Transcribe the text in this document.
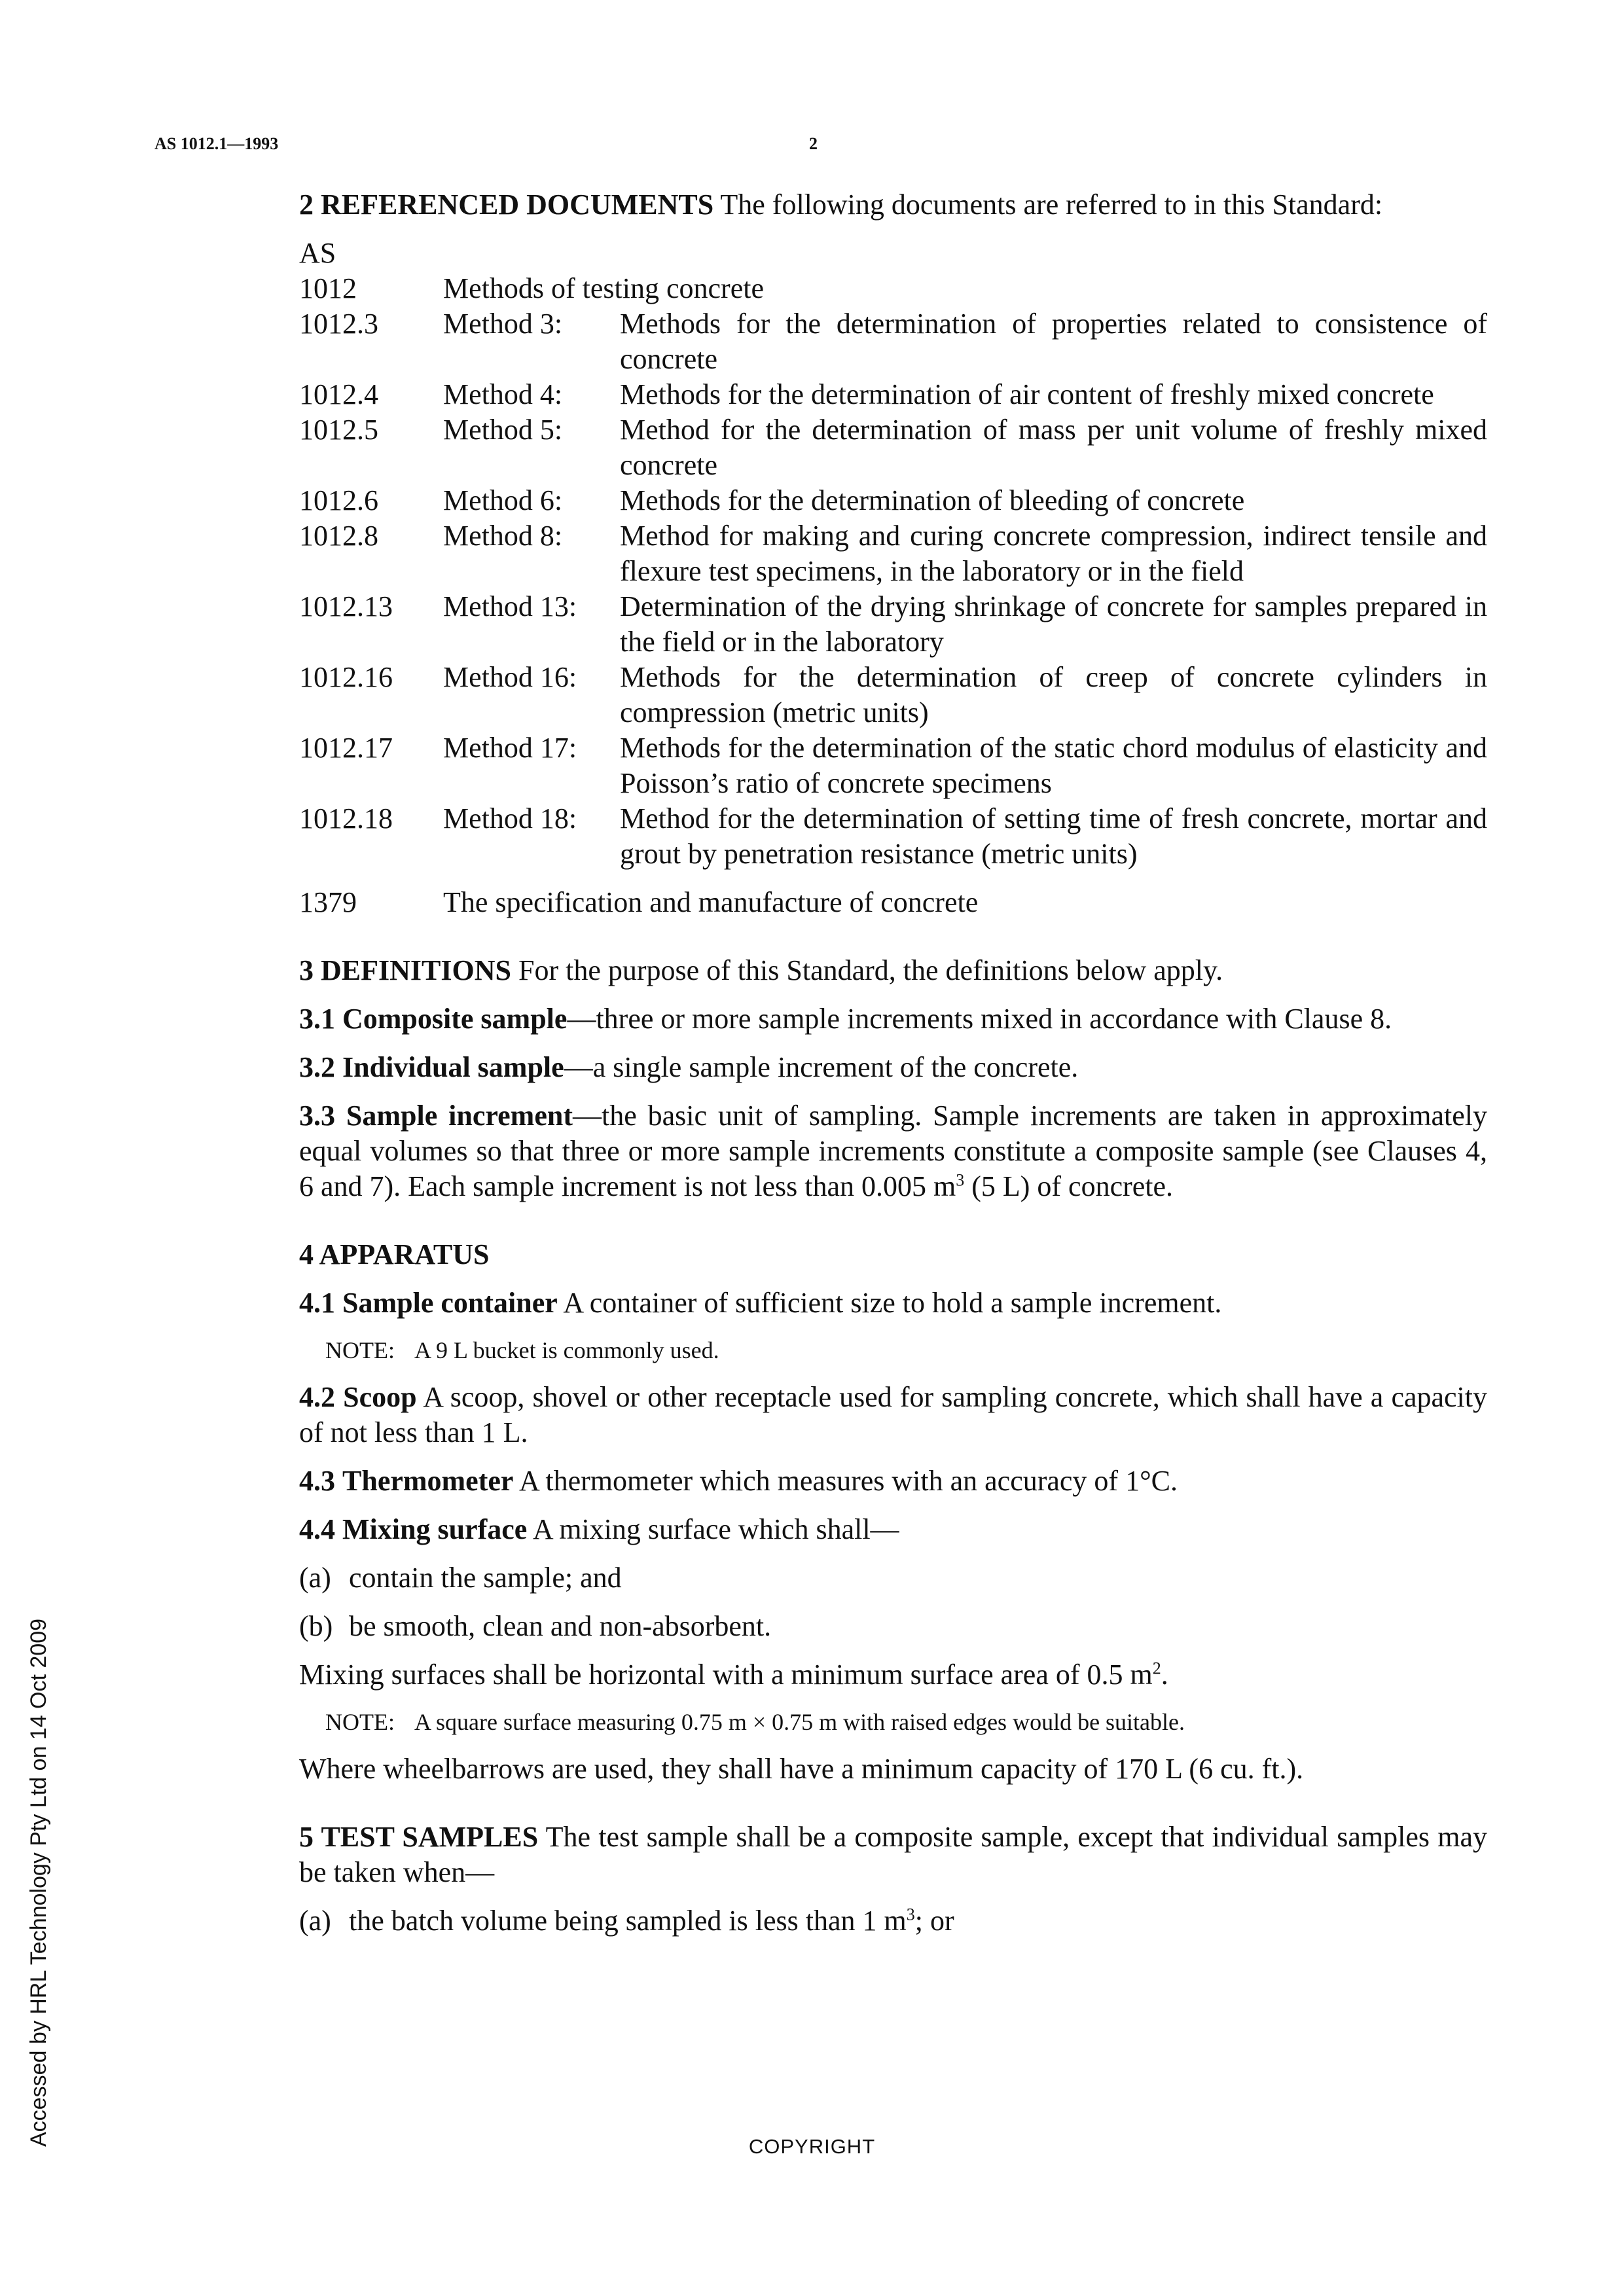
AS 1012.1—1993	2
Accessed by HRL Technology Pty Ltd on 14 Oct 2009

2 REFERENCED DOCUMENTS The following documents are referred to in this Standard:

AS

1012	Methods of testing concrete
1012.3	Method 3:	Methods for the determination of properties related to consistence of concrete
1012.4	Method 4:	Methods for the determination of air content of freshly mixed concrete
1012.5	Method 5:	Method for the determination of mass per unit volume of freshly mixed concrete
1012.6	Method 6:	Methods for the determination of bleeding of concrete
1012.8	Method 8:	Method for making and curing concrete compression, indirect tensile and flexure test specimens, in the laboratory or in the field
1012.13	Method 13:	Determination of the drying shrinkage of concrete for samples prepared in the field or in the laboratory
1012.16	Method 16:	Methods for the determination of creep of concrete cylinders in compression (metric units)
1012.17	Method 17:	Methods for the determination of the static chord modulus of elasticity and Poisson’s ratio of concrete specimens
1012.18	Method 18:	Method for the determination of setting time of fresh concrete, mortar and grout by penetration resistance (metric units)
1379	The specification and manufacture of concrete

3 DEFINITIONS For the purpose of this Standard, the definitions below apply.

3.1 Composite sample—three or more sample increments mixed in accordance with Clause 8.

3.2 Individual sample—a single sample increment of the concrete.

3.3 Sample increment—the basic unit of sampling. Sample increments are taken in approximately equal volumes so that three or more sample increments constitute a composite sample (see Clauses 4, 6 and 7). Each sample increment is not less than 0.005 $m^3$ (5 L) of concrete.

4 APPARATUS

4.1 Sample container A container of sufficient size to hold a sample increment.

NOTE: A 9 L bucket is commonly used.

4.2 Scoop A scoop, shovel or other receptacle used for sampling concrete, which shall have a capacity of not less than 1 L.

4.3 Thermometer A thermometer which measures with an accuracy of 1°C.

4.4 Mixing surface A mixing surface which shall—

(a) contain the sample; and
(b) be smooth, clean and non-absorbent.

Mixing surfaces shall be horizontal with a minimum surface area of 0.5 $m^2$.

NOTE: A square surface measuring 0.75 m × 0.75 m with raised edges would be suitable.

Where wheelbarrows are used, they shall have a minimum capacity of 170 L (6 cu. ft.).

5 TEST SAMPLES The test sample shall be a composite sample, except that individual samples may be taken when—

(a) the batch volume being sampled is less than 1 $m^3$; or
COPYRIGHT
